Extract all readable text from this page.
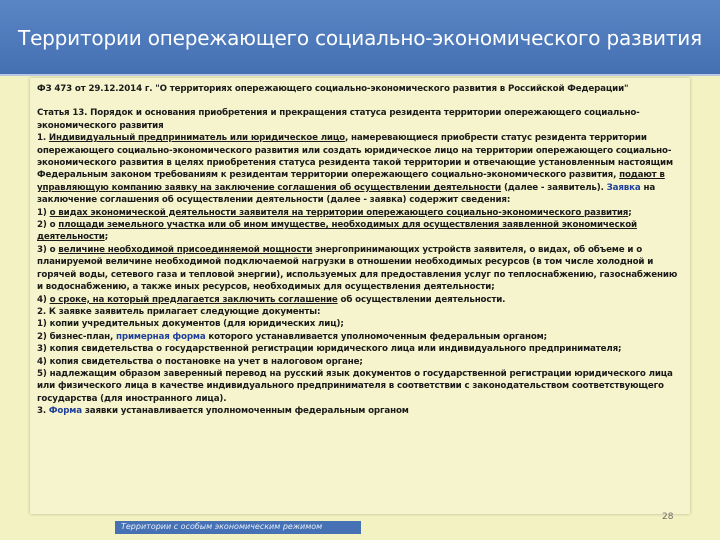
Территории опережающего социально-экономического развития

ФЗ 473 от 29.12.2014 г. "О территориях опережающего социально-экономического развития в Российской Федерации"

Статья 13. Порядок и основания приобретения и прекращения статуса резидента территории опережающего социально-экономического развития

1. Индивидуальный предприниматель или юридическое лицо, намеревающиеся приобрести статус резидента территории опережающего социально-экономического развития или создать юридическое лицо на территории опережающего социально-экономического развития в целях приобретения статуса резидента такой территории и отвечающие установленным настоящим Федеральным законом требованиям к резидентам территории опережающего социально-экономического развития, подают в управляющую компанию заявку на заключение соглашения об осуществлении деятельности (далее - заявитель). Заявка на заключение соглашения об осуществлении деятельности (далее - заявка) содержит сведения:

1) о видах экономической деятельности заявителя на территории опережающего социально-экономического развития;

2) о площади земельного участка или об ином имуществе, необходимых для осуществления заявленной экономической деятельности;

3) о величине необходимой присоединяемой мощности энергопринимающих устройств заявителя, о видах, об объеме и о планируемой величине необходимой подключаемой нагрузки в отношении необходимых ресурсов (в том числе холодной и горячей воды, сетевого газа и тепловой энергии), используемых для предоставления услуг по теплоснабжению, газоснабжению и водоснабжению, а также иных ресурсов, необходимых для осуществления деятельности;

4) о сроке, на который предлагается заключить соглашение об осуществлении деятельности.

2. К заявке заявитель прилагает следующие документы:

1) копии учредительных документов (для юридических лиц);

2) бизнес-план, примерная форма которого устанавливается уполномоченным федеральным органом;

3) копия свидетельства о государственной регистрации юридического лица или индивидуального предпринимателя;

4) копия свидетельства о постановке на учет в налоговом органе;

5) надлежащим образом заверенный перевод на русский язык документов о государственной регистрации юридического лица или физического лица в качестве индивидуального предпринимателя в соответствии с законодательством соответствующего государства (для иностранного лица).

3. Форма заявки устанавливается уполномоченным федеральным органом

28
Территории с особым экономическим режимом
